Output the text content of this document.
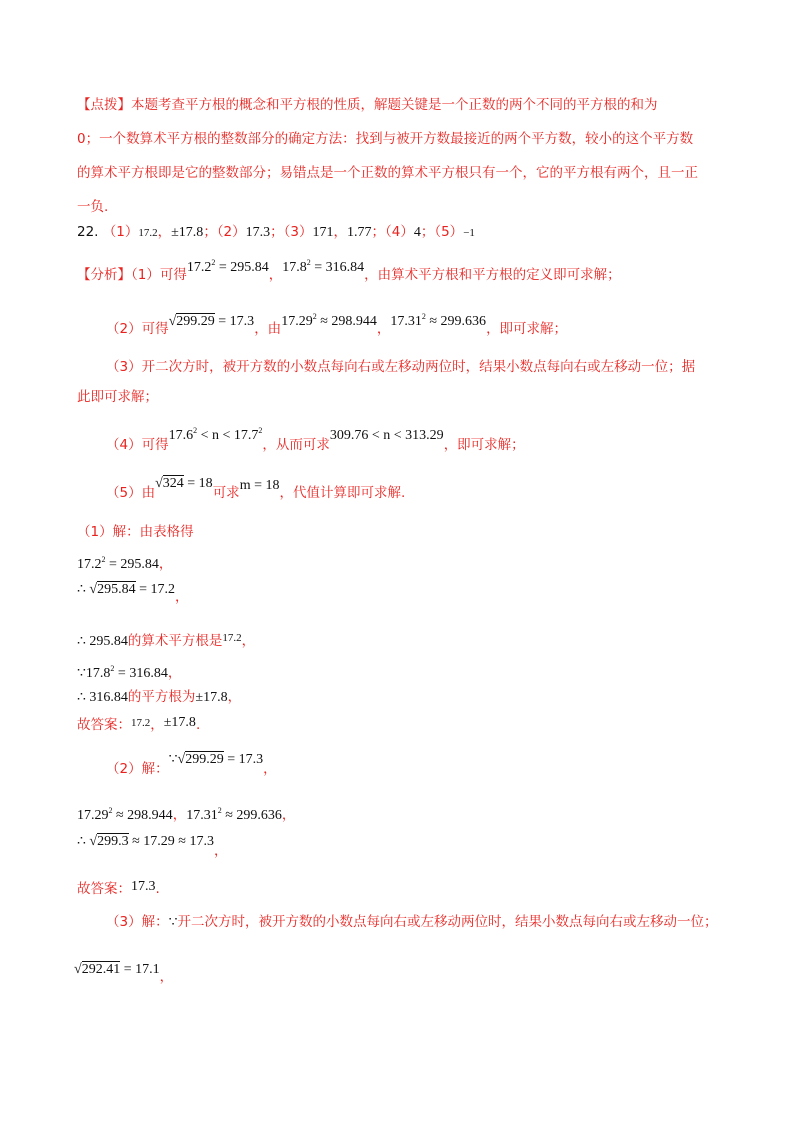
【点拨】本题考查平方根的概念和平方根的性质，解题关键是一个正数的两个不同的平方根的和为
0；一个数算术平方根的整数部分的确定方法：找到与被开方数最接近的两个平方数，较小的这个平方数
的算术平方根即是它的整数部分；易错点是一个正数的算术平方根只有一个，它的平方根有两个，且一正
一负.
22. （1）17.2，±17.8；（2）17.3；（3）171，1.77；（4）4；（5）−1
【分析】（1）可得$17.2^2 = 295.84$，$17.8^2 = 316.84$，由算术平方根和平方根的定义即可求解；
（2）可得√299.29 = 17.3，由$17.29^2 \approx 298.944$，$17.31^2 \approx 299.636$，即可求解；
（3）开二次方时，被开方数的小数点每向右或左移动两位时，结果小数点每向右或左移动一位；据
此即可求解；
（4）可得$17.6^2 < n < 17.7^2$，从而可求309.76 < n < 313.29，即可求解；
（5）由√324 = 18可求m = 18，代值计算即可求解.
（1）解：由表格得
$17.2^2 = 295.84$，
∴ √295.84 = 17.2，
∴ 295.84的算术平方根是$^{17.2}$，
$\because 17.8^2 = 316.84$，
∴ 316.84的平方根为±17.8，
故答案：$^{17.2}$，±17.8.
（2）解：∵√299.29 = 17.3，
$17.29^2 \approx 298.944$，$17.31^2 \approx 299.636$，
∴ √299.3 ≈ 17.29 ≈ 17.3，
故答案：17.3.
（3）解：∵开二次方时，被开方数的小数点每向右或左移动两位时，结果小数点每向右或左移动一位；
√292.41 = 17.1，
